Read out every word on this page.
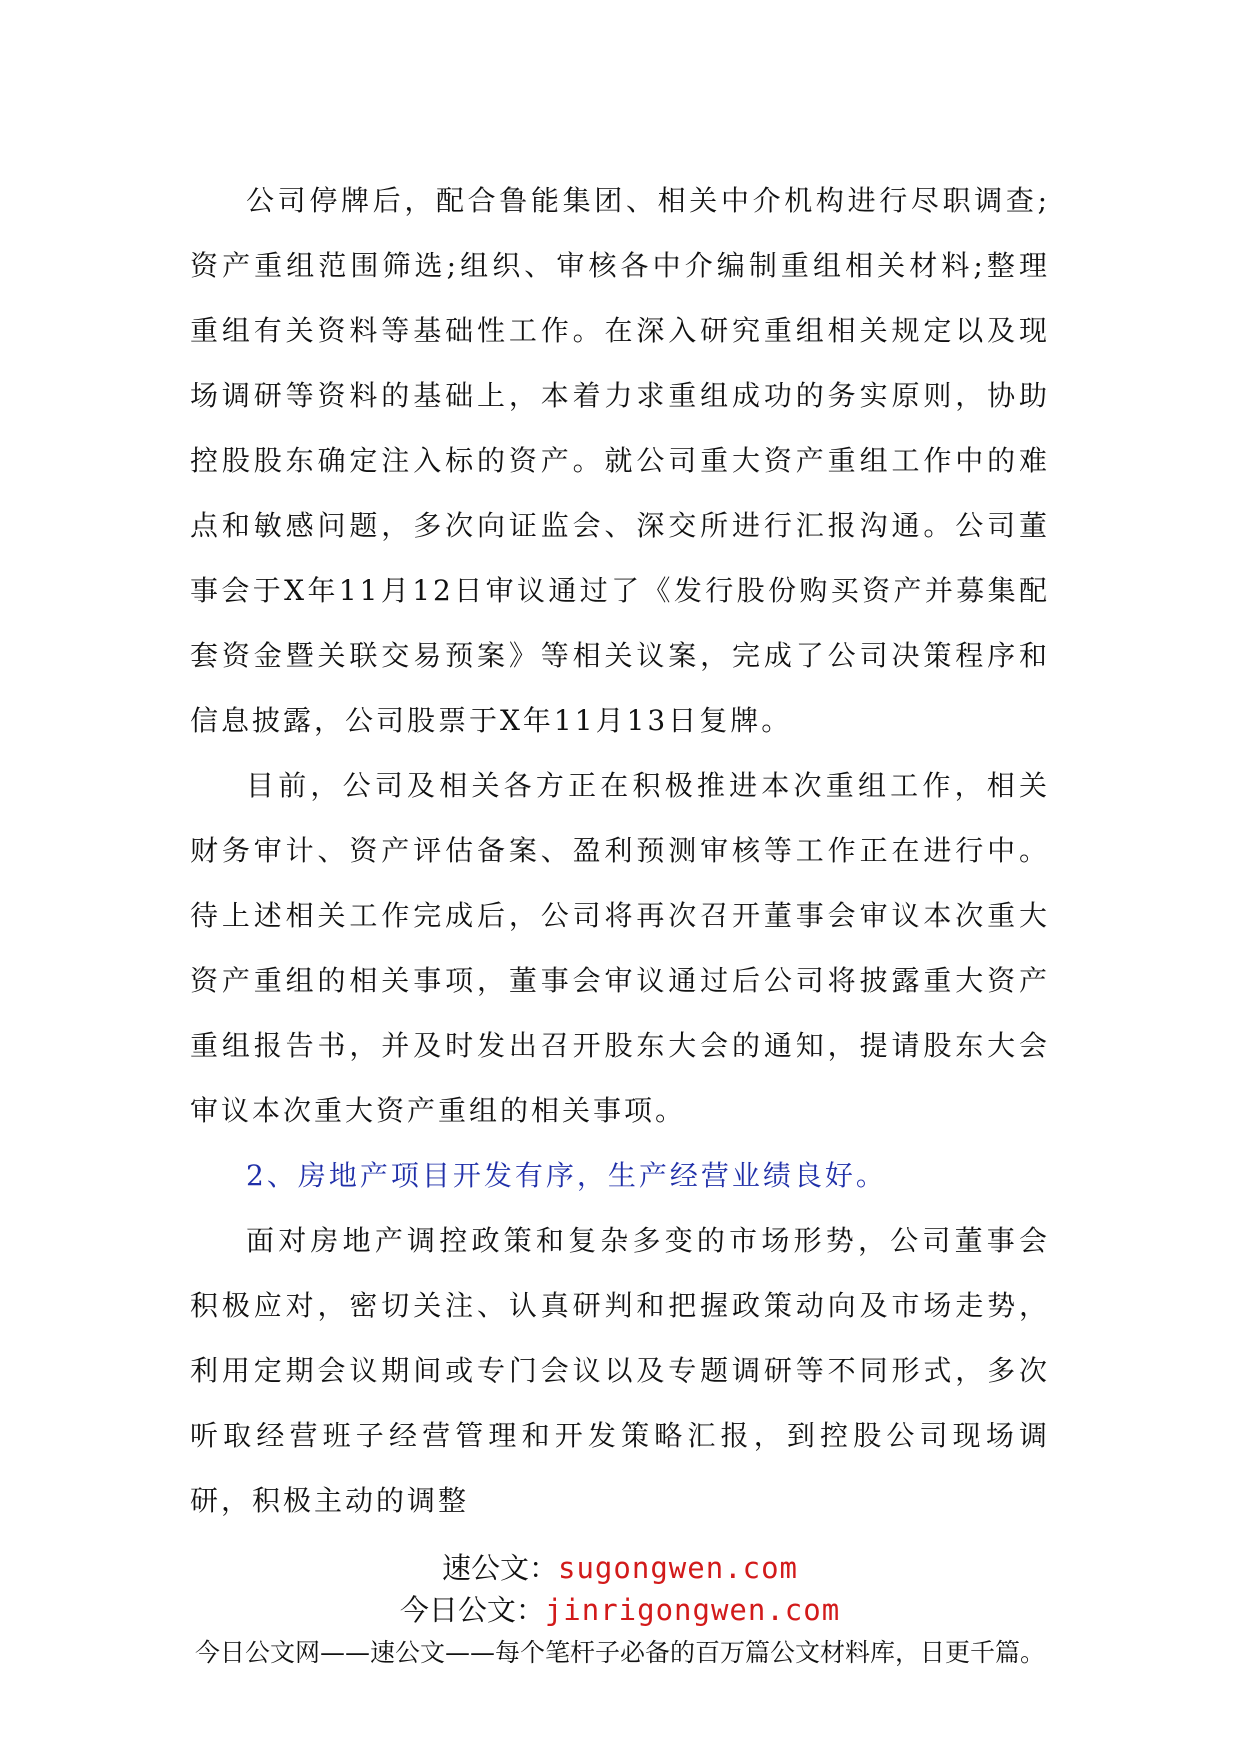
公司停牌后，配合鲁能集团、相关中介机构进行尽职调查;资产重组范围筛选;组织、审核各中介编制重组相关材料;整理重组有关资料等基础性工作。在深入研究重组相关规定以及现场调研等资料的基础上，本着力求重组成功的务实原则，协助控股股东确定注入标的资产。就公司重大资产重组工作中的难点和敏感问题，多次向证监会、深交所进行汇报沟通。公司董事会于X年11月12日审议通过了《发行股份购买资产并募集配套资金暨关联交易预案》等相关议案，完成了公司决策程序和信息披露，公司股票于X年11月13日复牌。

目前，公司及相关各方正在积极推进本次重组工作，相关财务审计、资产评估备案、盈利预测审核等工作正在进行中。待上述相关工作完成后，公司将再次召开董事会审议本次重大资产重组的相关事项，董事会审议通过后公司将披露重大资产重组报告书，并及时发出召开股东大会的通知，提请股东大会审议本次重大资产重组的相关事项。

2、房地产项目开发有序，生产经营业绩良好。

面对房地产调控政策和复杂多变的市场形势，公司董事会积极应对，密切关注、认真研判和把握政策动向及市场走势，利用定期会议期间或专门会议以及专题调研等不同形式，多次听取经营班子经营管理和开发策略汇报，到控股公司现场调研，积极主动的调整

速公文：sugongwen.com
今日公文：jinrigongwen.com
今日公文网——速公文——每个笔杆子必备的百万篇公文材料库，日更千篇。
